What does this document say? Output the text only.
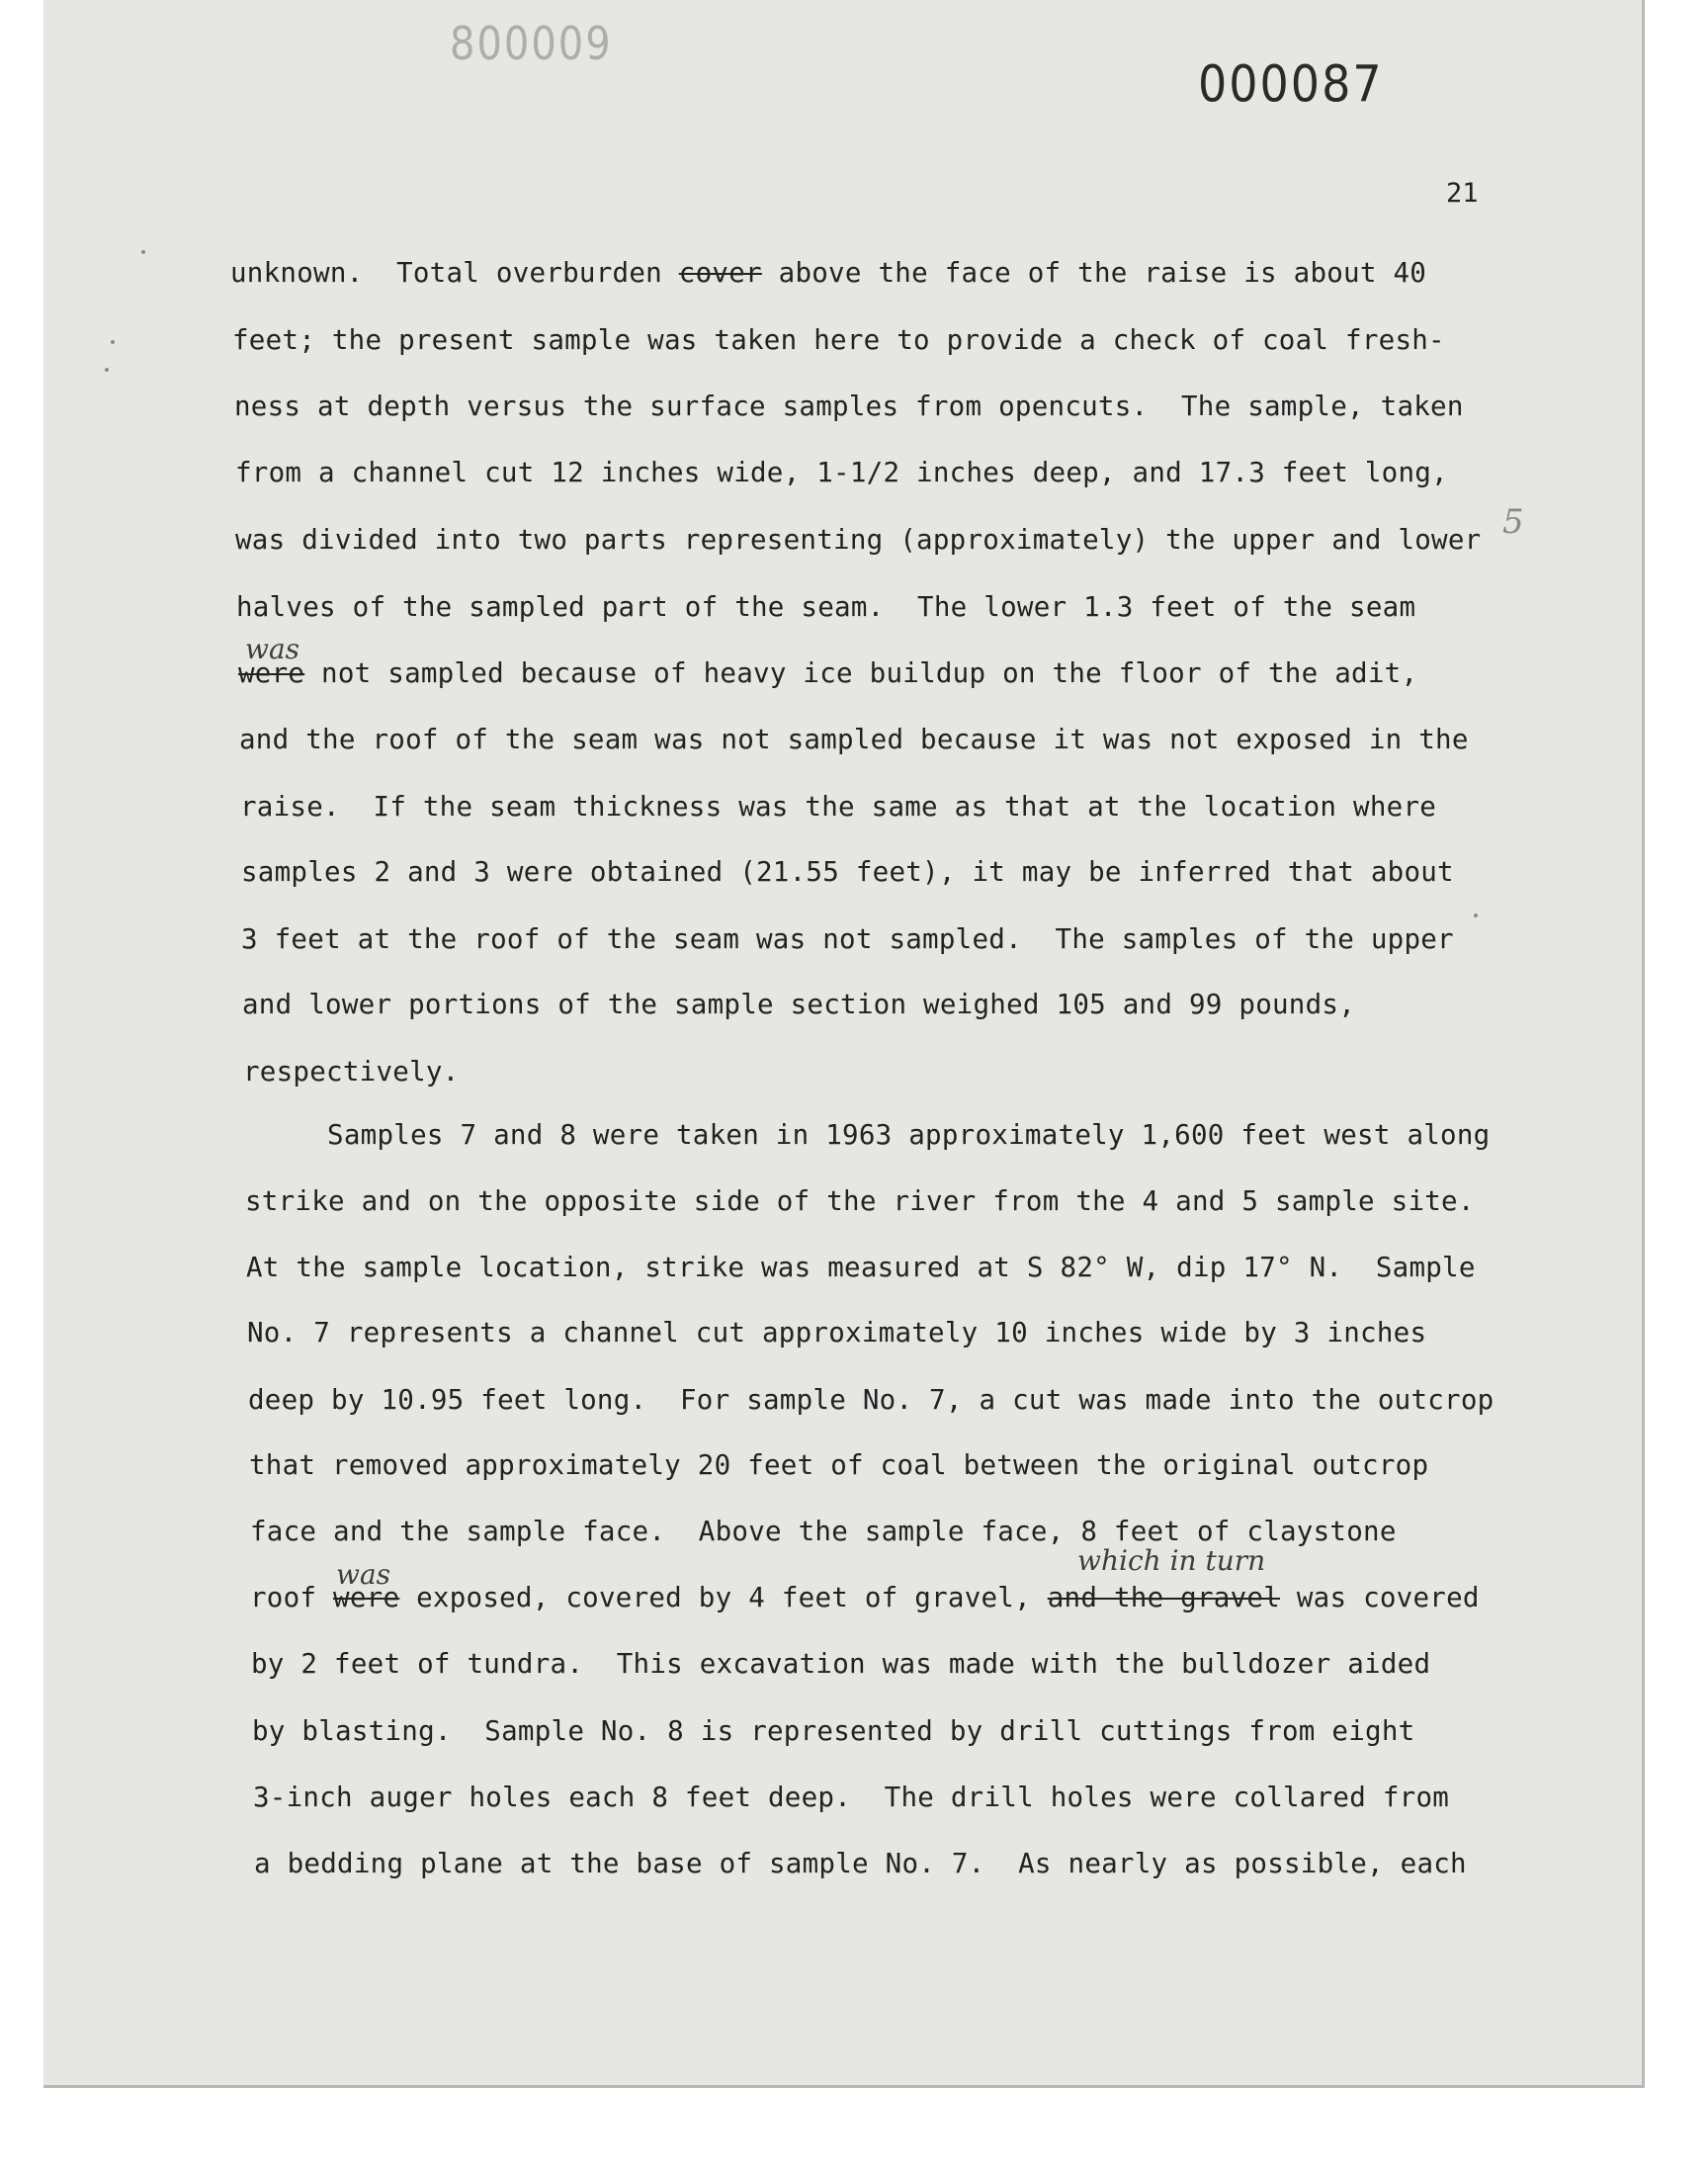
800009
000087
21
unknown.  Total overburden cover above the face of the raise is about 40
feet; the present sample was taken here to provide a check of coal fresh-
ness at depth versus the surface samples from opencuts.  The sample, taken
from a channel cut 12 inches wide, 1-1/2 inches deep, and 17.3 feet long,
was divided into two parts representing (approximately) the upper and lower
halves of the sampled part of the seam.  The lower 1.3 feet of the seam
was
were not sampled because of heavy ice buildup on the floor of the adit,
and the roof of the seam was not sampled because it was not exposed in the
raise.  If the seam thickness was the same as that at the location where
samples 2 and 3 were obtained (21.55 feet), it may be inferred that about
3 feet at the roof of the seam was not sampled.  The samples of the upper
and lower portions of the sample section weighed 105 and 99 pounds,
respectively.
Samples 7 and 8 were taken in 1963 approximately 1,600 feet west along
strike and on the opposite side of the river from the 4 and 5 sample site.
At the sample location, strike was measured at S 82° W, dip 17° N.  Sample
No. 7 represents a channel cut approximately 10 inches wide by 3 inches
deep by 10.95 feet long.  For sample No. 7, a cut was made into the outcrop
that removed approximately 20 feet of coal between the original outcrop
face and the sample face.  Above the sample face, 8 feet of claystone
was	which in turn
roof were exposed, covered by 4 feet of gravel, and the gravel was covered
by 2 feet of tundra.  This excavation was made with the bulldozer aided
by blasting.  Sample No. 8 is represented by drill cuttings from eight
3-inch auger holes each 8 feet deep.  The drill holes were collared from
a bedding plane at the base of sample No. 7.  As nearly as possible, each
5
